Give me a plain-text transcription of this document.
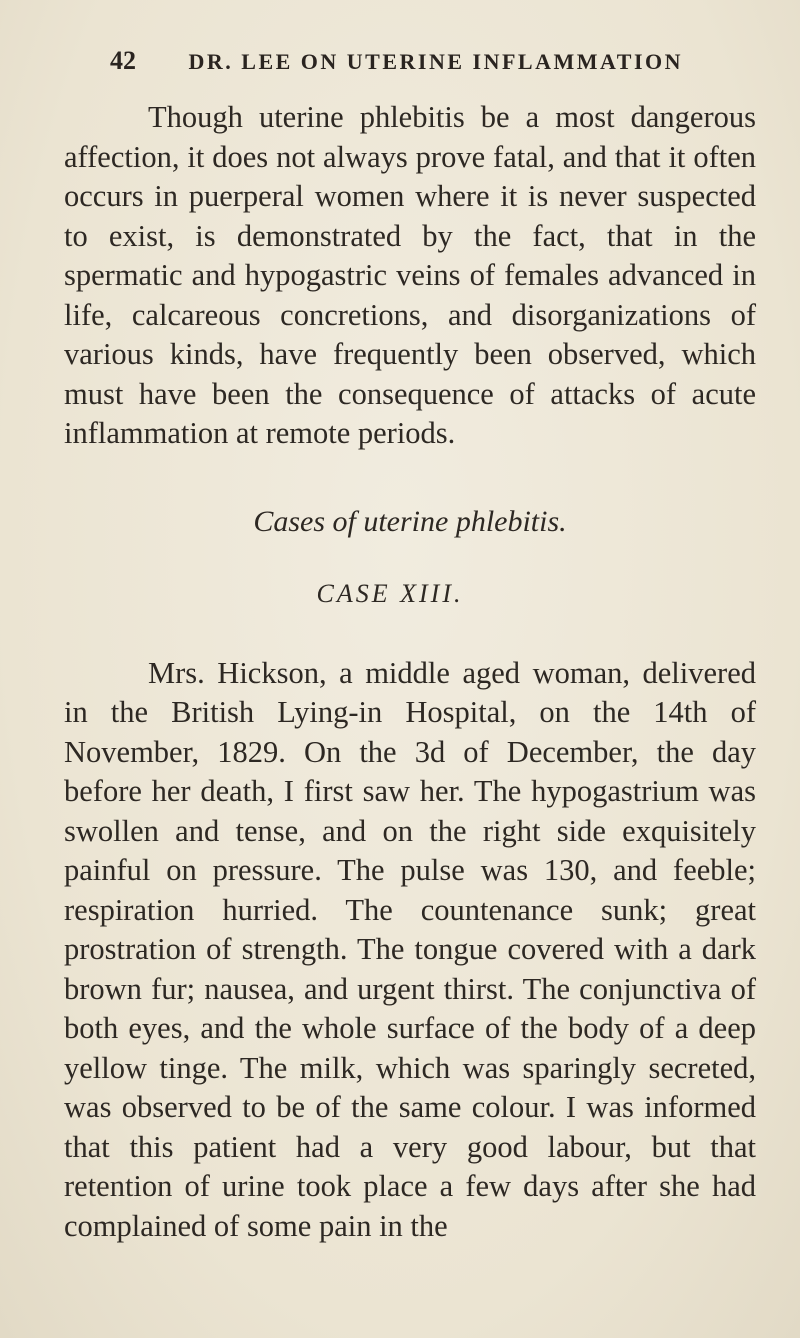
42 DR. LEE ON UTERINE INFLAMMATION

Though uterine phlebitis be a most dangerous affection, it does not always prove fatal, and that it often occurs in puerperal women where it is never suspected to exist, is demonstrated by the fact, that in the spermatic and hypogastric veins of females advanced in life, calcareous concretions, and disorganizations of various kinds, have frequently been observed, which must have been the consequence of attacks of acute inflammation at remote periods.

Cases of uterine phlebitis.

CASE XIII.

Mrs. Hickson, a middle aged woman, delivered in the British Lying-in Hospital, on the 14th of November, 1829. On the 3d of December, the day before her death, I first saw her. The hypogastrium was swollen and tense, and on the right side exquisitely painful on pressure. The pulse was 130, and feeble; respiration hurried. The countenance sunk; great prostration of strength. The tongue covered with a dark brown fur; nausea, and urgent thirst. The conjunctiva of both eyes, and the whole surface of the body of a deep yellow tinge. The milk, which was sparingly secreted, was observed to be of the same colour. I was informed that this patient had a very good labour, but that retention of urine took place a few days after she had complained of some pain in the
